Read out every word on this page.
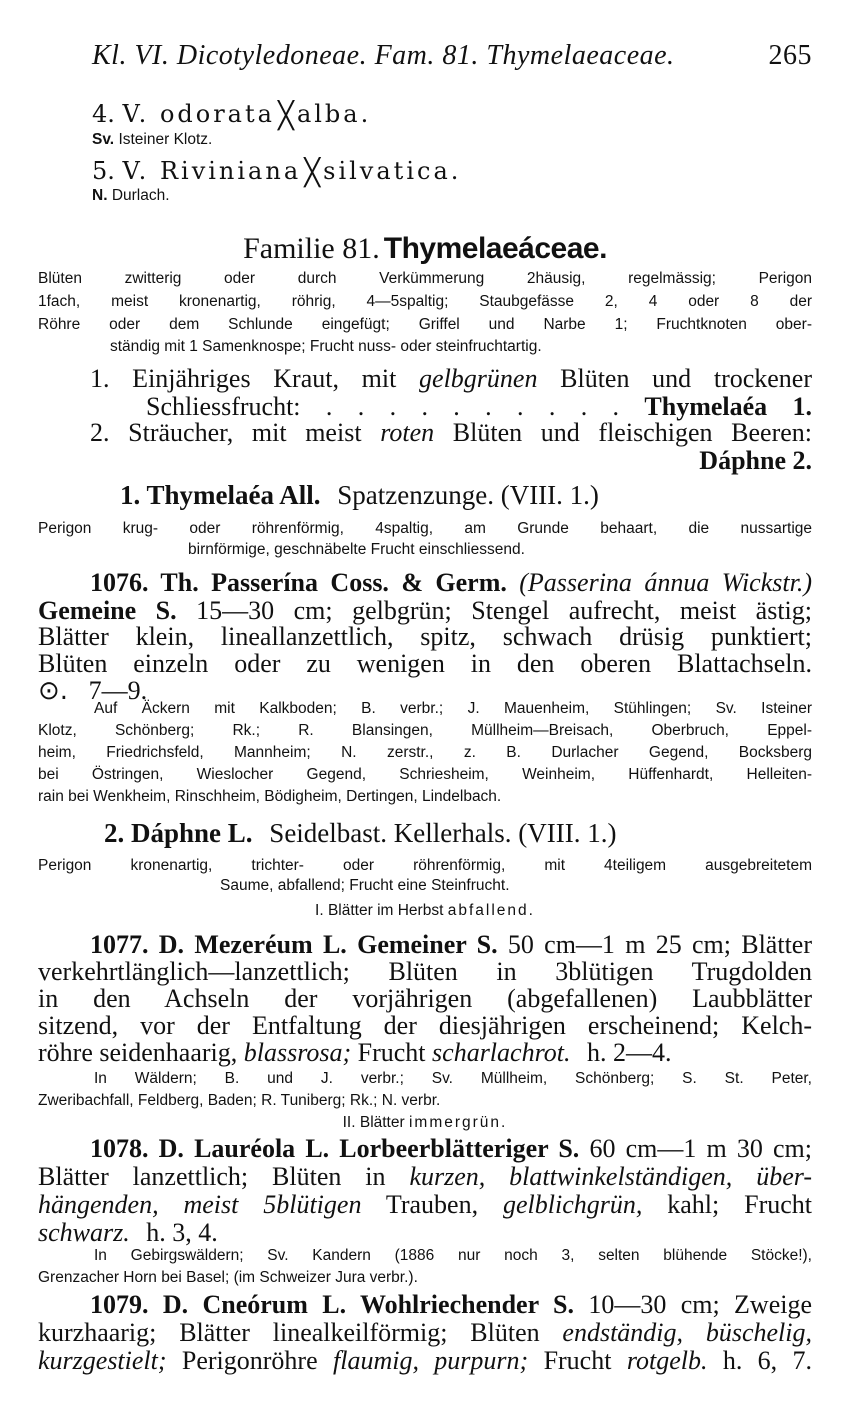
Kl. VI. Dicotyledoneae. Fam. 81. Thymelaeaceae.	265
4. V. odorata ╳ alba.
Sv. Isteiner Klotz.
5. V. Riviniana ╳ silvatica.
N. Durlach.
Familie 81. Thymelaeáceae.
Blüten zwitterig oder durch Verkümmerung 2häusig, regelmässig; Perigon
1fach, meist kronenartig, röhrig, 4—5spaltig; Staubgefässe 2, 4 oder 8 der
Röhre oder dem Schlunde eingefügt; Griffel und Narbe 1; Fruchtknoten ober-
ständig mit 1 Samenknospe; Frucht nuss- oder steinfruchtartig.
1. Einjähriges Kraut, mit gelbgrünen Blüten und trockener
Schliessfrucht: . . . . . . . . . . Thymelaéa 1.
2. Sträucher, mit meist roten Blüten und fleischigen Beeren:
Dáphne 2.
1. Thymelaéa All. Spatzenzunge. (VIII. 1.)
Perigon krug- oder röhrenförmig, 4spaltig, am Grunde behaart, die nussartige
birnförmige, geschnäbelte Frucht einschliessend.
1076. Th. Passerína Coss. & Germ. (Passerina ánnua Wickstr.)
Gemeine S. 15—30 cm; gelbgrün; Stengel aufrecht, meist ästig;
Blätter klein, lineallanzettlich, spitz, schwach drüsig punktiert;
Blüten einzeln oder zu wenigen in den oberen Blattachseln.
⊙. 7—9.
Auf Äckern mit Kalkboden; B. verbr.; J. Mauenheim, Stühlingen; Sv. Isteiner
Klotz, Schönberg; Rk.; R. Blansingen, Müllheim—Breisach, Oberbruch, Eppel-
heim, Friedrichsfeld, Mannheim; N. zerstr., z. B. Durlacher Gegend, Bocksberg
bei Östringen, Wieslocher Gegend, Schriesheim, Weinheim, Hüffenhardt, Helleiten-
rain bei Wenkheim, Rinschheim, Bödigheim, Dertingen, Lindelbach.
2. Dáphne L. Seidelbast. Kellerhals. (VIII. 1.)
Perigon kronenartig, trichter- oder röhrenförmig, mit 4teiligem ausgebreitetem
Saume, abfallend; Frucht eine Steinfrucht.
I. Blätter im Herbst abfallend.
1077. D. Mezeréum L. Gemeiner S. 50 cm—1 m 25 cm; Blätter
verkehrtlänglich—lanzettlich; Blüten in 3blütigen Trugdolden
in den Achseln der vorjährigen (abgefallenen) Laubblätter
sitzend, vor der Entfaltung der diesjährigen erscheinend; Kelch-
röhre seidenhaarig, blassrosa; Frucht scharlachrot. h. 2—4.
In Wäldern; B. und J. verbr.; Sv. Müllheim, Schönberg; S. St. Peter,
Zweribachfall, Feldberg, Baden; R. Tuniberg; Rk.; N. verbr.
II. Blätter immergrün.
1078. D. Lauréola L. Lorbeerblätteriger S. 60 cm—1 m 30 cm;
Blätter lanzettlich; Blüten in kurzen, blattwinkelständigen, über-
hängenden, meist 5blütigen Trauben, gelblichgrün, kahl; Frucht
schwarz. h. 3, 4.
In Gebirgswäldern; Sv. Kandern (1886 nur noch 3, selten blühende Stöcke!),
Grenzacher Horn bei Basel; (im Schweizer Jura verbr.).
1079. D. Cneórum L. Wohlriechender S. 10—30 cm; Zweige
kurzhaarig; Blätter linealkeilförmig; Blüten endständig, büschelig,
kurzgestielt; Perigonröhre flaumig, purpurn; Frucht rotgelb. h. 6, 7.
